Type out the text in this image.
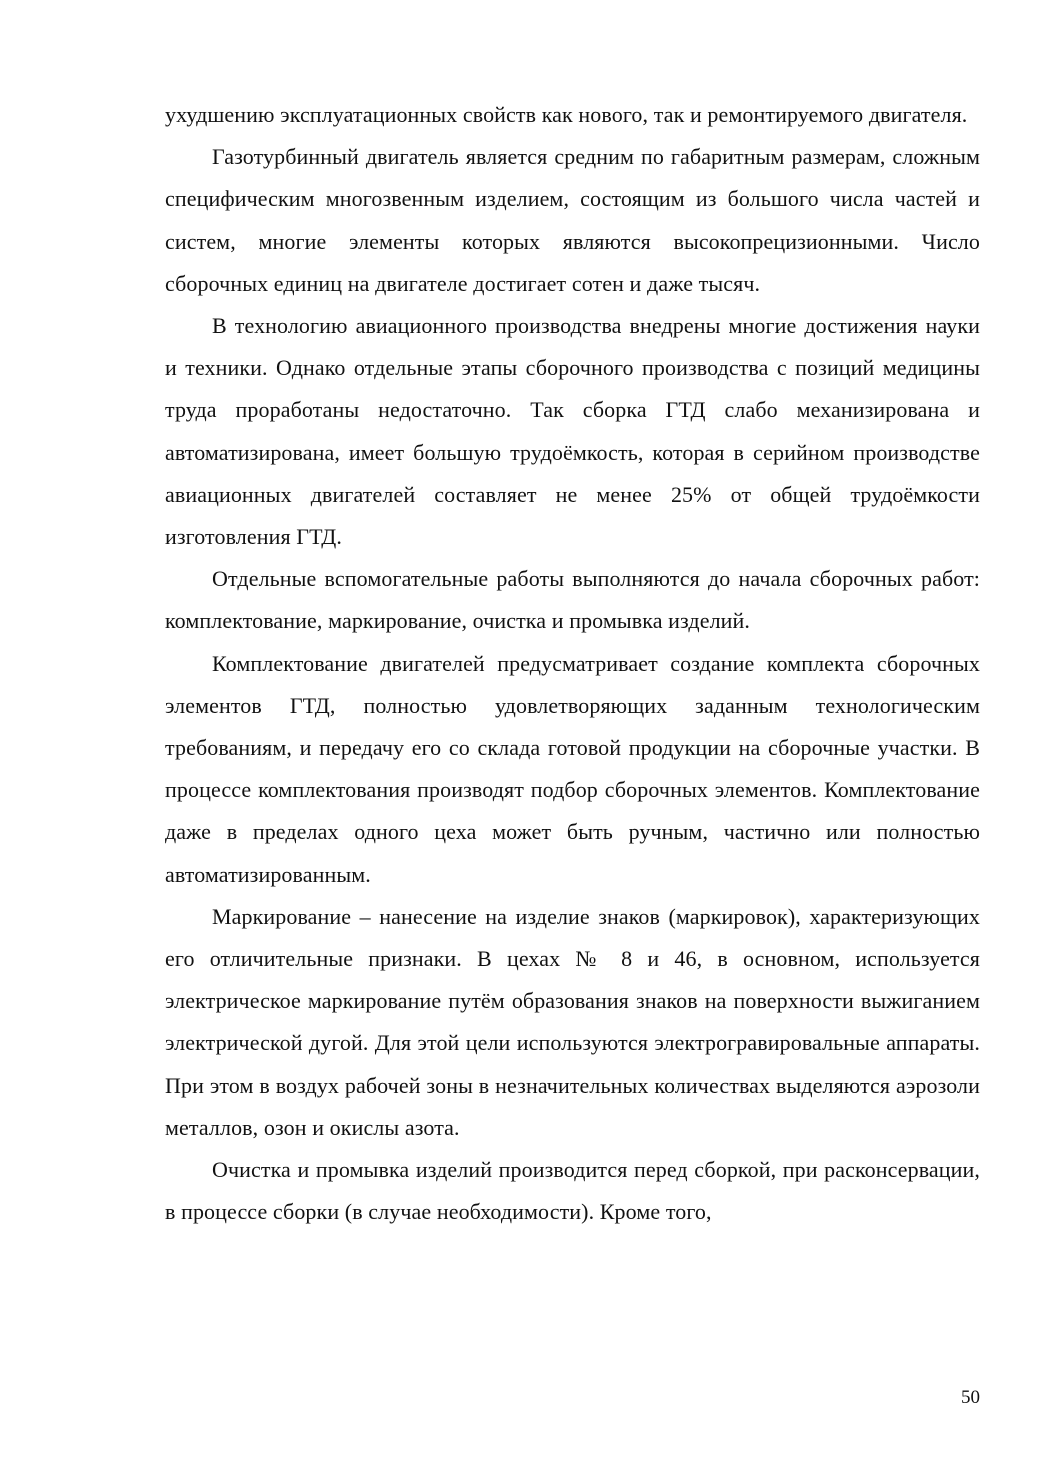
ухудшению эксплуатационных свойств как нового, так и ремонтируемого двигателя.

Газотурбинный двигатель является средним по габаритным размерам, сложным специфическим многозвенным изделием, состоящим из большого числа частей и систем, многие элементы которых являются высокопрецизионными. Число сборочных единиц на двигателе достигает сотен и даже тысяч.

В технологию авиационного производства внедрены многие достижения науки и техники. Однако отдельные этапы сборочного производства с позиций медицины труда проработаны недостаточно. Так сборка ГТД слабо механизирована и автоматизирована, имеет большую трудоёмкость, которая в серийном производстве авиационных двигателей составляет не менее 25% от общей трудоёмкости изготовления ГТД.

Отдельные вспомогательные работы выполняются до начала сборочных работ: комплектование, маркирование, очистка и промывка изделий.

Комплектование двигателей предусматривает создание комплекта сборочных элементов ГТД, полностью удовлетворяющих заданным технологическим требованиям, и передачу его со склада готовой продукции на сборочные участки. В процессе комплектования производят подбор сборочных элементов. Комплектование даже в пределах одного цеха может быть ручным, частично или полностью автоматизированным.

Маркирование – нанесение на изделие знаков (маркировок), характеризующих его отличительные признаки. В цехах № 8 и 46, в основном, используется электрическое маркирование путём образования знаков на поверхности выжиганием электрической дугой. Для этой цели используются электрогравировальные аппараты. При этом в воздух рабочей зоны в незначительных количествах выделяются аэрозоли металлов, озон и окислы азота.

Очистка и промывка изделий производится перед сборкой, при расконсервации, в процессе сборки (в случае необходимости). Кроме того,

50
